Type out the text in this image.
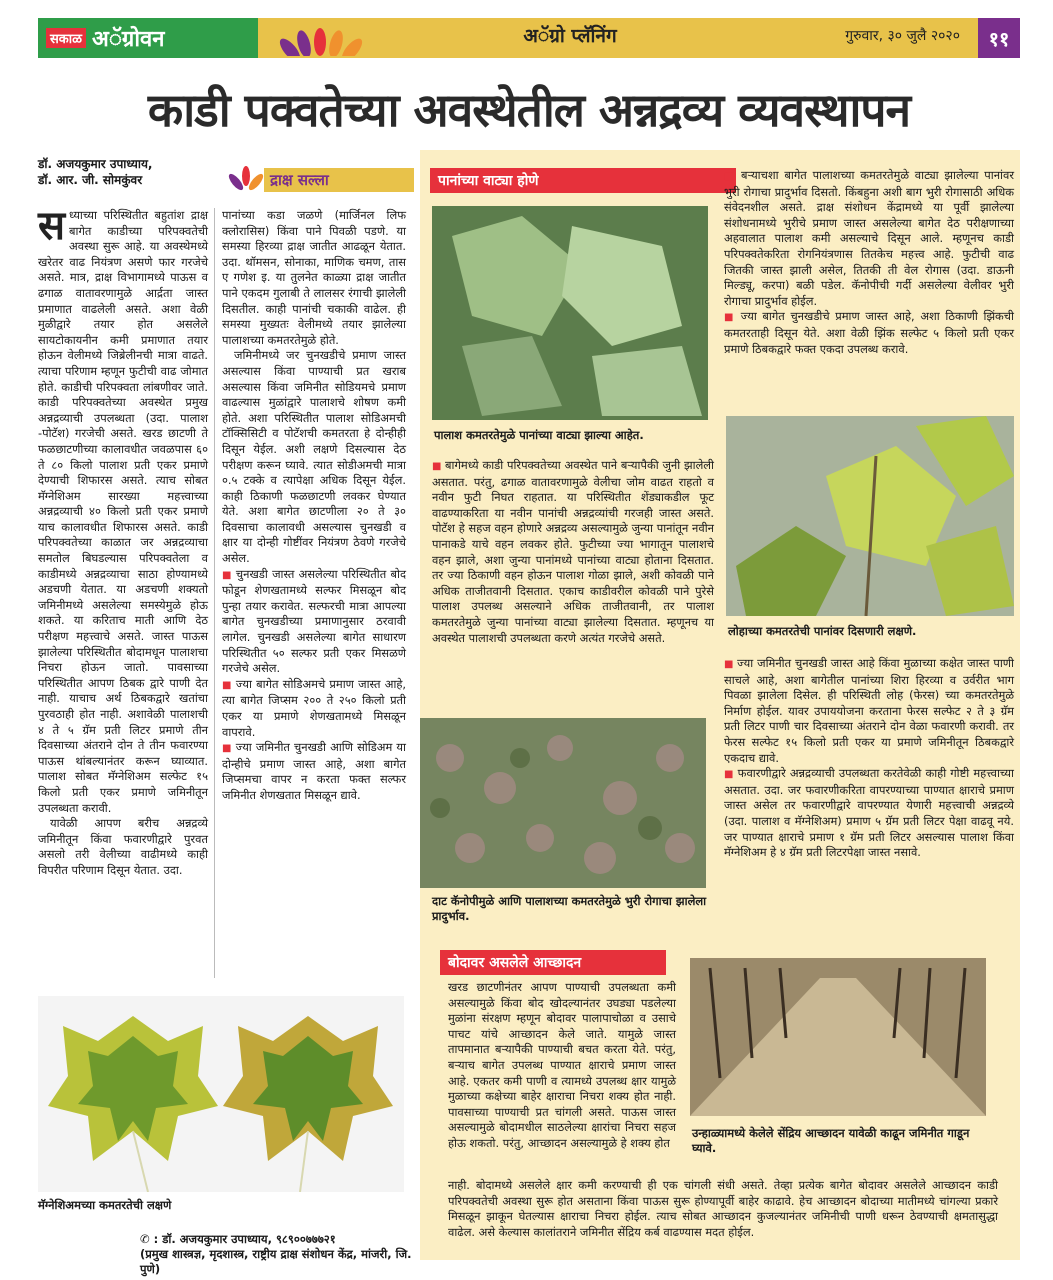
सकाळ अॅग्रोवन	अॅग्रो प्लॅनिंग	गुरुवार, ३० जुलै २०२०	११
काडी पक्वतेच्या अवस्थेतील अन्नद्रव्य व्यवस्थापन
डॉ. अजयकुमार उपाध्याय,
डॉ. आर. जी. सोमकुंवर	द्राक्ष सल्ला

सध्याच्या परिस्थितीत बहुतांश द्राक्ष बागेत काडीच्या परिपक्वतेची अवस्था सुरू आहे. या अवस्थेमध्ये खरेतर वाढ नियंत्रण असणे फार गरजेचे असते. मात्र, द्राक्ष विभागामध्ये पाऊस व ढगाळ वातावरणामुळे आर्द्रता जास्त प्रमाणात वाढलेली असते. अशा वेळी मुळीद्वारे तयार होत असलेले सायटोकायनीन कमी प्रमाणात तयार होऊन वेलीमध्ये जिब्रेलीनची मात्रा वाढते. त्याचा परिणाम म्हणून फुटीची वाढ जोमात होते. काडीची परिपक्वता लांबणीवर जाते. काडी परिपक्वतेच्या अवस्थेत प्रमुख अन्नद्रव्याची उपलब्धता (उदा. पालाश -पोटॅश) गरजेची असते. खरड छाटणी ते फळछाटणीच्या कालावधीत जवळपास ६० ते ८० किलो पालाश प्रती एकर प्रमाणे देण्याची शिफारस असते. त्याच सोबत मॅग्नेशिअम सारख्या महत्त्वाच्या अन्नद्रव्याची ४० किलो प्रती एकर प्रमाणे याच कालावधीत शिफारस असते. काडी परिपक्वतेच्या काळात जर अन्नद्रव्याचा समतोल बिघडल्यास परिपक्वतेला व काडीमध्ये अन्नद्रव्याचा साठा होण्यामध्ये अडचणी येतात. या अडचणी शक्यतो जमिनीमध्ये असलेल्या समस्येमुळे होऊ शकते. या करिताच माती आणि देठ परीक्षण महत्त्वाचे असते. जास्त पाऊस झालेल्या परिस्थितीत बोदामधून पालाशचा निचरा होऊन जातो. पावसाच्या परिस्थितीत आपण ठिबक द्वारे पाणी देत नाही. याचाच अर्थ ठिबकद्वारे खतांचा पुरवठाही होत नाही. अशावेळी पालाशची ४ ते ५ ग्रॅम प्रती लिटर प्रमाणे तीन दिवसाच्या अंतराने दोन ते तीन फवारण्या पाऊस थांबल्यानंतर करून घ्याव्यात. पालाश सोबत मॅग्नेशिअम सल्फेट १५ किलो प्रती एकर प्रमाणे जमिनीतून उपलब्धता करावी.

यावेळी आपण बरीच अन्नद्रव्ये जमिनीतून किंवा फवारणीद्वारे पुरवत असलो तरी वेलीच्या वाढीमध्ये काही विपरीत परिणाम दिसून येतात. उदा.

पानांच्या कडा जळणे (मार्जिनल लिफ क्लोरासिस) किंवा पाने पिवळी पडणे. या समस्या हिरव्या द्राक्ष जातीत आढळून येतात. उदा. थॉमसन, सोनाका, माणिक चमण, तास ए गणेश इ. या तुलनेत काळ्या द्राक्ष जातीत पाने एकदम गुलाबी ते लालसर रंगाची झालेली दिसतील. काही पानांची चकाकी वाढेल. ही समस्या मुख्यतः वेलीमध्ये तयार झालेल्या पालाशच्या कमतरतेमुळे होते.

जमिनीमध्ये जर चुनखडीचे प्रमाण जास्त असल्यास किंवा पाण्याची प्रत खराब असल्यास किंवा जमिनीत सोडियमचे प्रमाण वाढल्यास मुळांद्वारे पालाशचे शोषण कमी होते. अशा परिस्थितीत पालाश सोडिअमची टॉक्सिसिटी व पोटॅशची कमतरता हे दोन्हीही दिसून येईल. अशी लक्षणे दिसल्यास देठ परीक्षण करून घ्यावे. त्यात सोडीअमची मात्रा ०.५ टक्के व त्यापेक्षा अधिक दिसून येईल. काही ठिकाणी फळछाटणी लवकर घेण्यात येते. अशा बागेत छाटणीला २० ते ३० दिवसाचा कालावधी असल्यास चुनखडी व क्षार या दोन्ही गोष्टींवर नियंत्रण ठेवणे गरजेचे असेल.

■ चुनखडी जास्त असलेल्या परिस्थितीत बोद फोडून शेणखतामध्ये सल्फर मिसळून बोद पुन्हा तयार करावेत. सल्फरची मात्रा आपल्या बागेत चुनखडीच्या प्रमाणानुसार ठरवावी लागेल. चुनखडी असलेल्या बागेत साधारण परिस्थितीत ५० सल्फर प्रती एकर मिसळणे गरजेचे असेल.

■ ज्या बागेत सोडिअमचे प्रमाण जास्त आहे, त्या बागेत जिप्सम २०० ते २५० किलो प्रती एकर या प्रमाणे शेणखतामध्ये मिसळून वापरावे.

■ ज्या जमिनीत चुनखडी आणि सोडिअम या दोन्हीचे प्रमाण जास्त आहे, अशा बागेत जिप्समचा वापर न करता फक्त सल्फर जमिनीत शेणखतात मिसळून द्यावे.

मॅग्नेशिअमच्या कमतरतेची लक्षणे
✆ : डॉ. अजयकुमार उपाध्याय, ९८९००७७७२१
(प्रमुख शास्त्रज्ञ, मृदशास्त्र, राष्ट्रीय द्राक्ष संशोधन केंद्र, मांजरी, जि. पुणे)
पानांच्या वाट्या होणे
पालाश कमतरतेमुळे पानांच्या वाट्या झाल्या आहेत.

■ बागेमध्ये काडी परिपक्वतेच्या अवस्थेत पाने बऱ्यापैकी जुनी झालेली असतात. परंतु, ढगाळ वातावरणामुळे वेलीचा जोम वाढत राहतो व नवीन फुटी निघत राहतात. या परिस्थितीत शेंड्याकडील फूट वाढण्याकरिता या नवीन पानांची अन्नद्रव्यांची गरजही जास्त असते. पोटॅश हे सहज वहन होणारे अन्नद्रव्य असल्यामुळे जुन्या पानांतून नवीन पानाकडे याचे वहन लवकर होते. फुटीच्या ज्या भागातून पालाशचे वहन झाले, अशा जुन्या पानांमध्ये पानांच्या वाट्या होताना दिसतात. तर ज्या ठिकाणी वहन होऊन पालाश गोळा झाले, अशी कोवळी पाने अधिक ताजीतवानी दिसतात. एकाच काडीवरील कोवळी पाने पुरेसे पालाश उपलब्ध असल्याने अधिक ताजीतवानी, तर पालाश कमतरतेमुळे जुन्या पानांच्या वाट्या झालेल्या दिसतात. म्हणूनच या अवस्थेत पालाशची उपलब्धता करणे अत्यंत गरजेचे असते.

दाट कॅनोपीमुळे आणि पालाशच्या कमतरतेमुळे भुरी रोगाचा झालेला प्रादुर्भाव.

■ बऱ्याचशा बागेत पालाशच्या कमतरतेमुळे वाट्या झालेल्या पानांवर भुरी रोगाचा प्रादुर्भाव दिसतो. किंबहुना अशी बाग भुरी रोगासाठी अधिक संवेदनशील असते. द्राक्ष संशोधन केंद्रामध्ये या पूर्वी झालेल्या संशोधनामध्ये भुरीचे प्रमाण जास्त असलेल्या बागेत देठ परीक्षणाच्या अहवालात पालाश कमी असल्याचे दिसून आले. म्हणूनच काडी परिपक्वतेकरिता रोगनियंत्रणास तितकेच महत्त्व आहे. फुटीची वाढ जितकी जास्त झाली असेल, तितकी ती वेल रोगास (उदा. डाऊनी मिल्ड्यू, करपा) बळी पडेल. कॅनोपीची गर्दी असलेल्या वेलीवर भुरी रोगाचा प्रादुर्भाव होईल.

■ ज्या बागेत चुनखडीचे प्रमाण जास्त आहे, अशा ठिकाणी झिंकची कमतरताही दिसून येते. अशा वेळी झिंक सल्फेट ५ किलो प्रती एकर प्रमाणे ठिबकद्वारे फक्त एकदा उपलब्ध करावे.

लोहाच्या कमतरतेची पानांवर दिसणारी लक्षणे.

■ ज्या जमिनीत चुनखडी जास्त आहे किंवा मुळाच्या कक्षेत जास्त पाणी साचले आहे, अशा बागेतील पानांच्या शिरा हिरव्या व उर्वरीत भाग पिवळा झालेला दिसेल. ही परिस्थिती लोह (फेरस) च्या कमतरतेमुळे निर्माण होईल. यावर उपाययोजना करताना फेरस सल्फेट २ ते ३ ग्रॅम प्रती लिटर पाणी चार दिवसाच्या अंतराने दोन वेळा फवारणी करावी. तर फेरस सल्फेट १५ किलो प्रती एकर या प्रमाणे जमिनीतून ठिबकद्वारे एकदाच द्यावे.

■ फवारणीद्वारे अन्नद्रव्याची उपलब्धता करतेवेळी काही गोष्टी महत्त्वाच्या असतात. उदा. जर फवारणीकरिता वापरण्याच्या पाण्यात क्षाराचे प्रमाण जास्त असेल तर फवारणीद्वारे वापरण्यात येणारी महत्त्वाची अन्नद्रव्ये (उदा. पालाश व मॅग्नेशिअम) प्रमाण ५ ग्रॅम प्रती लिटर पेक्षा वाढवू नये. जर पाण्यात क्षाराचे प्रमाण १ ग्रॅम प्रती लिटर असल्यास पालाश किंवा मॅग्नेशिअम हे ४ ग्रॅम प्रती लिटरपेक्षा जास्त नसावे.

बोदावर असलेले आच्छादन

खरड छाटणीनंतर आपण पाण्याची उपलब्धता कमी असल्यामुळे किंवा बोद खोदल्यानंतर उघड्या पडलेल्या मुळांना संरक्षण म्हणून बोदावर पालापाचोळा व उसाचे पाचट यांचे आच्छादन केले जाते. यामुळे जास्त तापमानात बऱ्यापैकी पाण्याची बचत करता येते. परंतु, बऱ्याच बागेत उपलब्ध पाण्यात क्षाराचे प्रमाण जास्त आहे. एकतर कमी पाणी व त्यामध्ये उपलब्ध क्षार यामुळे मुळाच्या कक्षेच्या बाहेर क्षाराचा निचरा शक्य होत नाही. पावसाच्या पाण्याची प्रत चांगली असते. पाऊस जास्त असल्यामुळे बोदामधील साठलेल्या क्षारांचा निचरा सहज होऊ शकतो. परंतु, आच्छादन असल्यामुळे हे शक्य होत

उन्हाळ्यामध्ये केलेले सेंद्रिय आच्छादन यावेळी काढून जमिनीत गाडून घ्यावे.

नाही. बोदामध्ये असलेले क्षार कमी करण्याची ही एक चांगली संधी असते. तेव्हा प्रत्येक बागेत बोदावर असलेले आच्छादन काडी परिपक्वतेची अवस्था सुरू होत असताना किंवा पाऊस सुरू होण्यापूर्वी बाहेर काढावे. हेच आच्छादन बोदाच्या मातीमध्ये चांगल्या प्रकारे मिसळून झाकून घेतल्यास क्षाराचा निचरा होईल. त्याच सोबत आच्छादन कुजल्यानंतर जमिनीची पाणी धरून ठेवण्याची क्षमतासुद्धा वाढेल. असे केल्यास कालांतराने जमिनीत सेंद्रिय कर्ब वाढण्यास मदत होईल.
